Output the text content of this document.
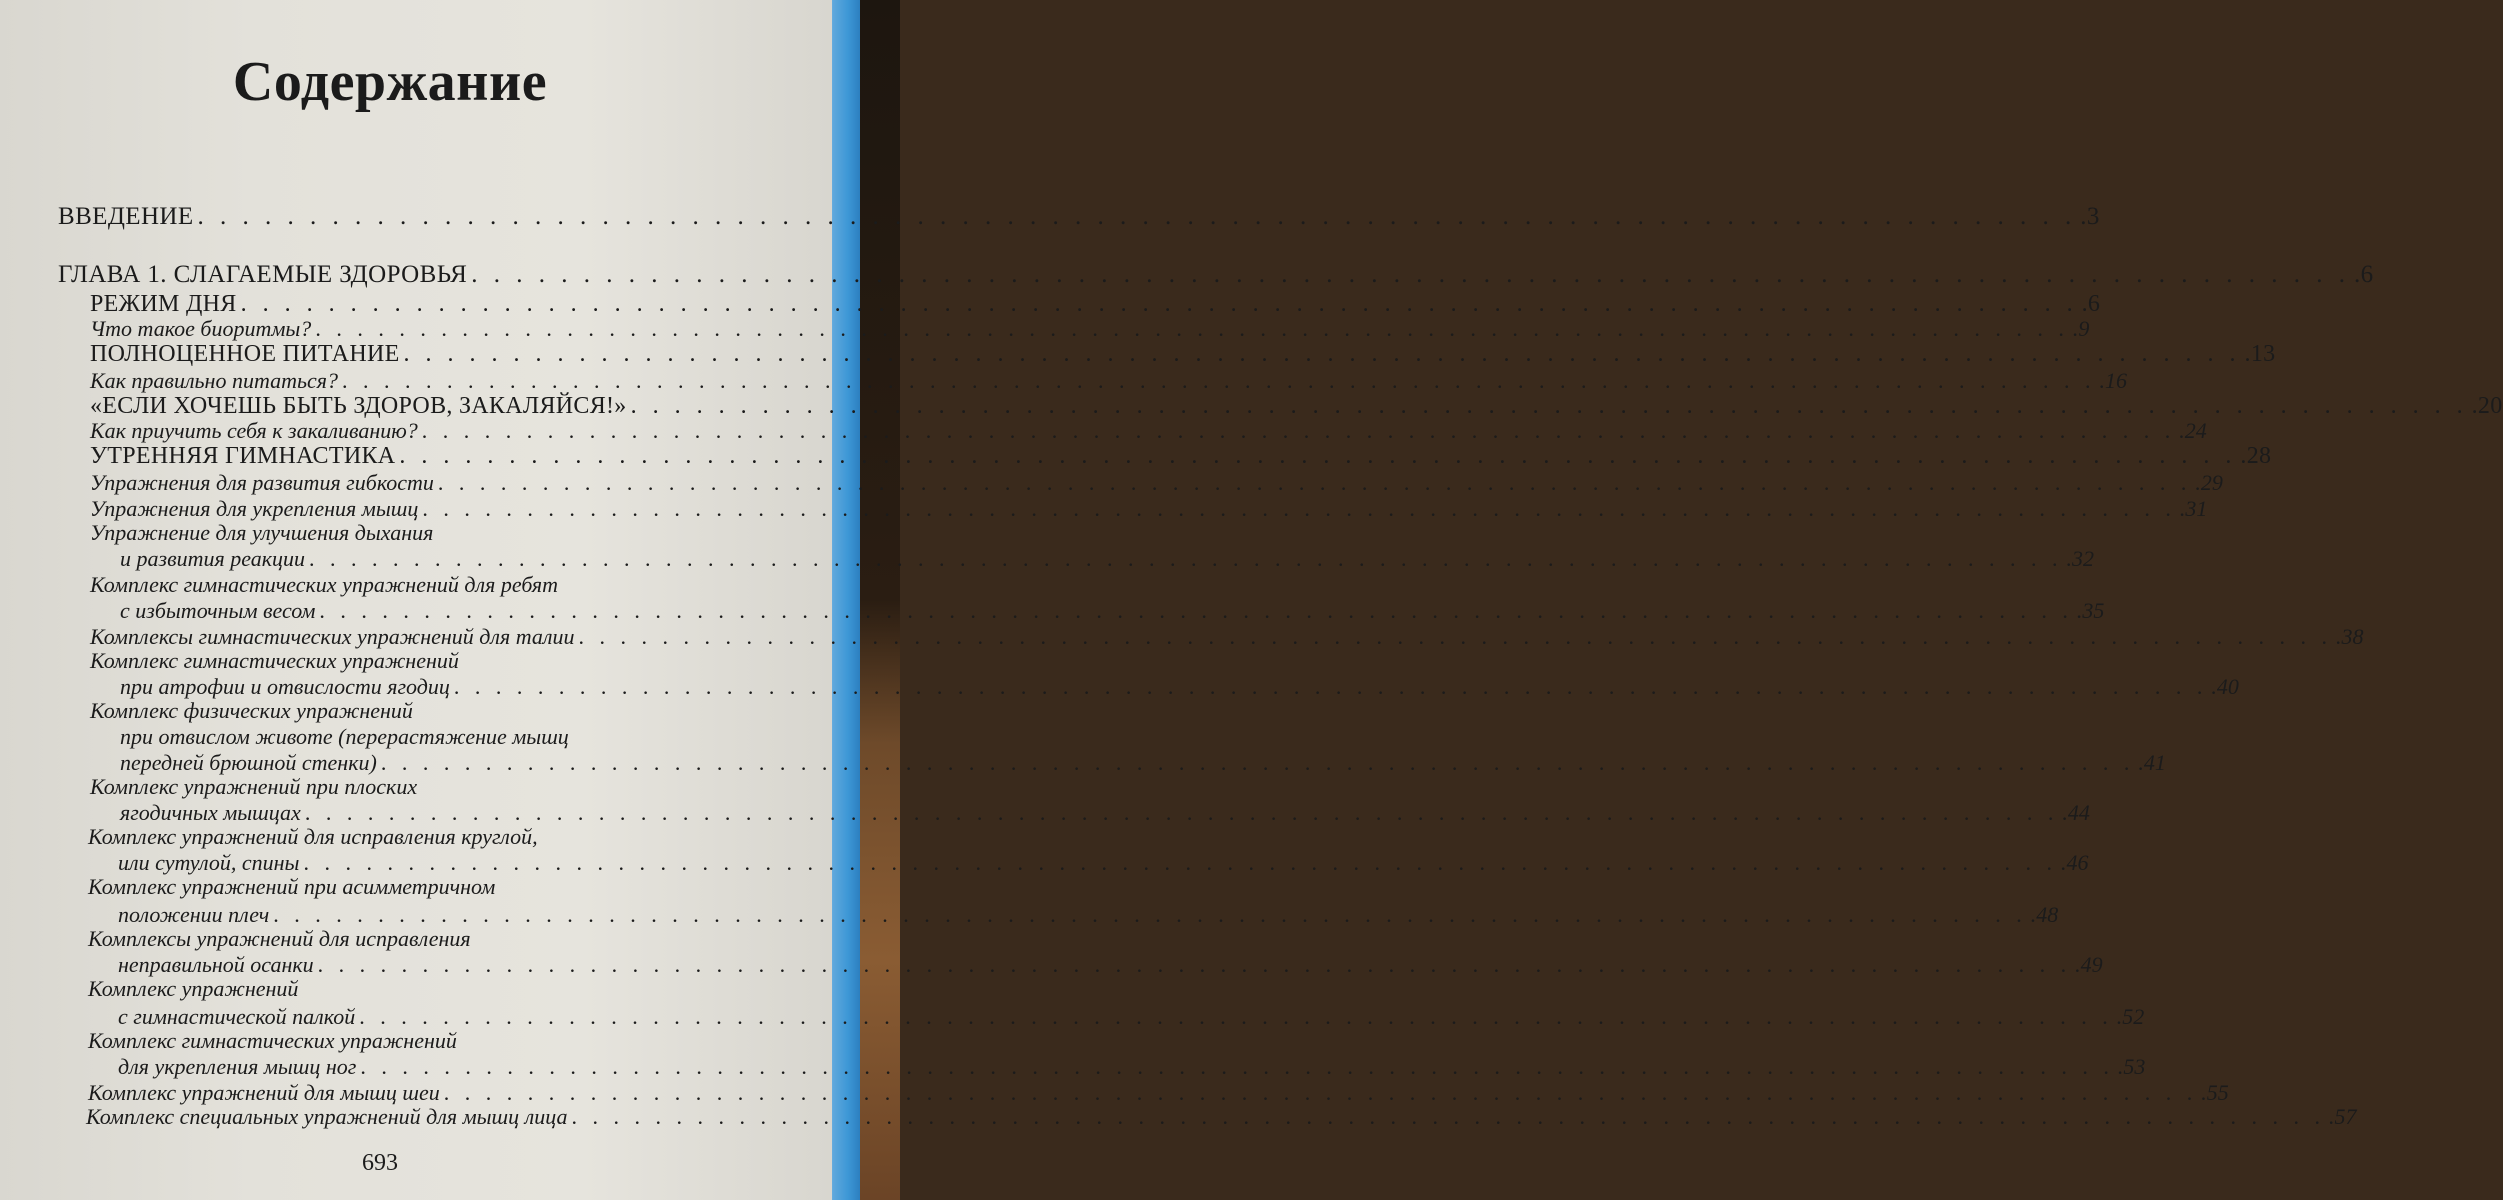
Содержание
ВВЕДЕНИЕ . . . . . . . . . . . . . . . . . . . . . . . . . . . . . . . . . . . . . . . . . . . . . . . . . . . . . . . . . . . . . . . . . . . . . . . . . . . . . . . . . . . . .3
ГЛАВА 1. СЛАГАЕМЫЕ ЗДОРОВЬЯ . . . . . . . . . . . . . . . . . . . . . . . . . . . . . . . . . . . . . . . . . . . . . . . . . . . . . . . . . . . . . . . . . . . . . . . . . . . . . . . . . . . . .6
РЕЖИМ ДНЯ . . . . . . . . . . . . . . . . . . . . . . . . . . . . . . . . . . . . . . . . . . . . . . . . . . . . . . . . . . . . . . . . . . . . . . . . . . . . . . . . . . . . .6
Что такое биоритмы? . . . . . . . . . . . . . . . . . . . . . . . . . . . . . . . . . . . . . . . . . . . . . . . . . . . . . . . . . . . . . . . . . . . . . . . . . . . . . . . . . . . . .9
ПОЛНОЦЕННОЕ ПИТАНИЕ . . . . . . . . . . . . . . . . . . . . . . . . . . . . . . . . . . . . . . . . . . . . . . . . . . . . . . . . . . . . . . . . . . . . . . . . . . . . . . . . . . . . .13
Как правильно питаться? . . . . . . . . . . . . . . . . . . . . . . . . . . . . . . . . . . . . . . . . . . . . . . . . . . . . . . . . . . . . . . . . . . . . . . . . . . . . . . . . . . . . .16
«ЕСЛИ ХОЧЕШЬ БЫТЬ ЗДОРОВ, ЗАКАЛЯЙСЯ!» . . . . . . . . . . . . . . . . . . . . . . . . . . . . . . . . . . . . . . . . . . . . . . . . . . . . . . . . . . . . . . . . . . . . . . . . . . . . . . . . . . . . .20
Как приучить себя к закаливанию? . . . . . . . . . . . . . . . . . . . . . . . . . . . . . . . . . . . . . . . . . . . . . . . . . . . . . . . . . . . . . . . . . . . . . . . . . . . . . . . . . . . . .24
УТРЕННЯЯ ГИМНАСТИКА . . . . . . . . . . . . . . . . . . . . . . . . . . . . . . . . . . . . . . . . . . . . . . . . . . . . . . . . . . . . . . . . . . . . . . . . . . . . . . . . . . . . .28
Упражнения для развития гибкости . . . . . . . . . . . . . . . . . . . . . . . . . . . . . . . . . . . . . . . . . . . . . . . . . . . . . . . . . . . . . . . . . . . . . . . . . . . . . . . . . . . . .29
Упражнения для укрепления мышц . . . . . . . . . . . . . . . . . . . . . . . . . . . . . . . . . . . . . . . . . . . . . . . . . . . . . . . . . . . . . . . . . . . . . . . . . . . . . . . . . . . . .31
Упражнение для улучшения дыхания
и развития реакции . . . . . . . . . . . . . . . . . . . . . . . . . . . . . . . . . . . . . . . . . . . . . . . . . . . . . . . . . . . . . . . . . . . . . . . . . . . . . . . . . . . . .32
Комплекс гимнастических упражнений для ребят
с избыточным весом . . . . . . . . . . . . . . . . . . . . . . . . . . . . . . . . . . . . . . . . . . . . . . . . . . . . . . . . . . . . . . . . . . . . . . . . . . . . . . . . . . . . .35
Комплексы гимнастических упражнений для талии . . . . . . . . . . . . . . . . . . . . . . . . . . . . . . . . . . . . . . . . . . . . . . . . . . . . . . . . . . . . . . . . . . . . . . . . . . . . . . . . . . . . .38
Комплекс гимнастических упражнений
при атрофии и отвислости ягодиц . . . . . . . . . . . . . . . . . . . . . . . . . . . . . . . . . . . . . . . . . . . . . . . . . . . . . . . . . . . . . . . . . . . . . . . . . . . . . . . . . . . . .40
Комплекс физических упражнений
при отвислом животе (перерастяжение мышц
передней брюшной стенки) . . . . . . . . . . . . . . . . . . . . . . . . . . . . . . . . . . . . . . . . . . . . . . . . . . . . . . . . . . . . . . . . . . . . . . . . . . . . . . . . . . . . .41
Комплекс упражнений при плоских
ягодичных мышцах . . . . . . . . . . . . . . . . . . . . . . . . . . . . . . . . . . . . . . . . . . . . . . . . . . . . . . . . . . . . . . . . . . . . . . . . . . . . . . . . . . . . .44
Комплекс упражнений для исправления круглой,
или сутулой, спины . . . . . . . . . . . . . . . . . . . . . . . . . . . . . . . . . . . . . . . . . . . . . . . . . . . . . . . . . . . . . . . . . . . . . . . . . . . . . . . . . . . . .46
Комплекс упражнений при асимметричном
положении плеч . . . . . . . . . . . . . . . . . . . . . . . . . . . . . . . . . . . . . . . . . . . . . . . . . . . . . . . . . . . . . . . . . . . . . . . . . . . . . . . . . . . . .48
Комплексы упражнений для исправления
неправильной осанки . . . . . . . . . . . . . . . . . . . . . . . . . . . . . . . . . . . . . . . . . . . . . . . . . . . . . . . . . . . . . . . . . . . . . . . . . . . . . . . . . . . . .49
Комплекс упражнений
с гимнастической палкой . . . . . . . . . . . . . . . . . . . . . . . . . . . . . . . . . . . . . . . . . . . . . . . . . . . . . . . . . . . . . . . . . . . . . . . . . . . . . . . . . . . . .52
Комплекс гимнастических упражнений
для укрепления мышц ног . . . . . . . . . . . . . . . . . . . . . . . . . . . . . . . . . . . . . . . . . . . . . . . . . . . . . . . . . . . . . . . . . . . . . . . . . . . . . . . . . . . . .53
Комплекс упражнений для мышц шеи . . . . . . . . . . . . . . . . . . . . . . . . . . . . . . . . . . . . . . . . . . . . . . . . . . . . . . . . . . . . . . . . . . . . . . . . . . . . . . . . . . . . .55
Комплекс специальных упражнений для мышц лица . . . . . . . . . . . . . . . . . . . . . . . . . . . . . . . . . . . . . . . . . . . . . . . . . . . . . . . . . . . . . . . . . . . . . . . . . . . . . . . . . . . . .57
693
